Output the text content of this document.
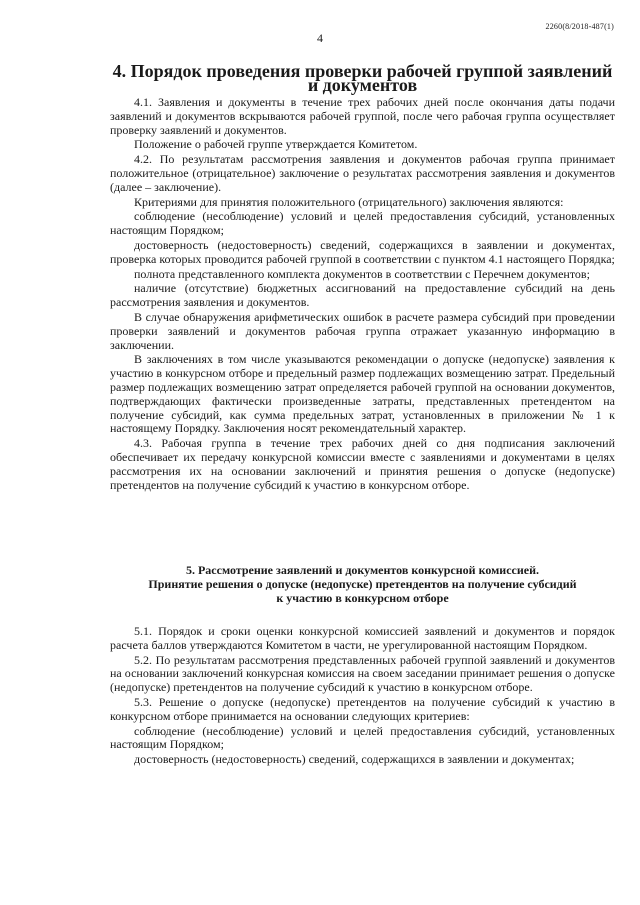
2260(8/2018-487(1)
4
4. Порядок проведения проверки рабочей группой заявлений и документов

4.1. Заявления и документы в течение трех рабочих дней после окончания даты подачи заявлений и документов вскрываются рабочей группой, после чего рабочая группа осуществляет проверку заявлений и документов.

Положение о рабочей группе утверждается Комитетом.

4.2. По результатам рассмотрения заявления и документов рабочая группа принимает положительное (отрицательное) заключение о результатах рассмотрения заявления и документов (далее – заключение).

Критериями для принятия положительного (отрицательного) заключения являются:

соблюдение (несоблюдение) условий и целей предоставления субсидий, установленных настоящим Порядком;

достоверность (недостоверность) сведений, содержащихся в заявлении и документах, проверка которых проводится рабочей группой в соответствии с пунктом 4.1 настоящего Порядка;

полнота представленного комплекта документов в соответствии с Перечнем документов;

наличие (отсутствие) бюджетных ассигнований на предоставление субсидий на день рассмотрения заявления и документов.

В случае обнаружения арифметических ошибок в расчете размера субсидий при проведении проверки заявлений и документов рабочая группа отражает указанную информацию в заключении.

В заключениях в том числе указываются рекомендации о допуске (недопуске) заявления к участию в конкурсном отборе и предельный размер подлежащих возмещению затрат. Предельный размер подлежащих возмещению затрат определяется рабочей группой на основании документов, подтверждающих фактически произведенные затраты, представленных претендентом на получение субсидий, как сумма предельных затрат, установленных в приложении № 1 к настоящему Порядку. Заключения носят рекомендательный характер.

4.3. Рабочая группа в течение трех рабочих дней со дня подписания заключений обеспечивает их передачу конкурсной комиссии вместе с заявлениями и документами в целях рассмотрения их на основании заключений и принятия решения о допуске (недопуске) претендентов на получение субсидий к участию в конкурсном отборе.

5. Рассмотрение заявлений и документов конкурсной комиссией.
Принятие решения о допуске (недопуске) претендентов на получение субсидий
к участию в конкурсном отборе

5.1. Порядок и сроки оценки конкурсной комиссией заявлений и документов и порядок расчета баллов утверждаются Комитетом в части, не урегулированной настоящим Порядком.

5.2. По результатам рассмотрения представленных рабочей группой заявлений и документов на основании заключений конкурсная комиссия на своем заседании принимает решения о допуске (недопуске) претендентов на получение субсидий к участию в конкурсном отборе.

5.3. Решение о допуске (недопуске) претендентов на получение субсидий к участию в конкурсном отборе принимается на основании следующих критериев:

соблюдение (несоблюдение) условий и целей предоставления субсидий, установленных настоящим Порядком;

достоверность (недостоверность) сведений, содержащихся в заявлении и документах;
